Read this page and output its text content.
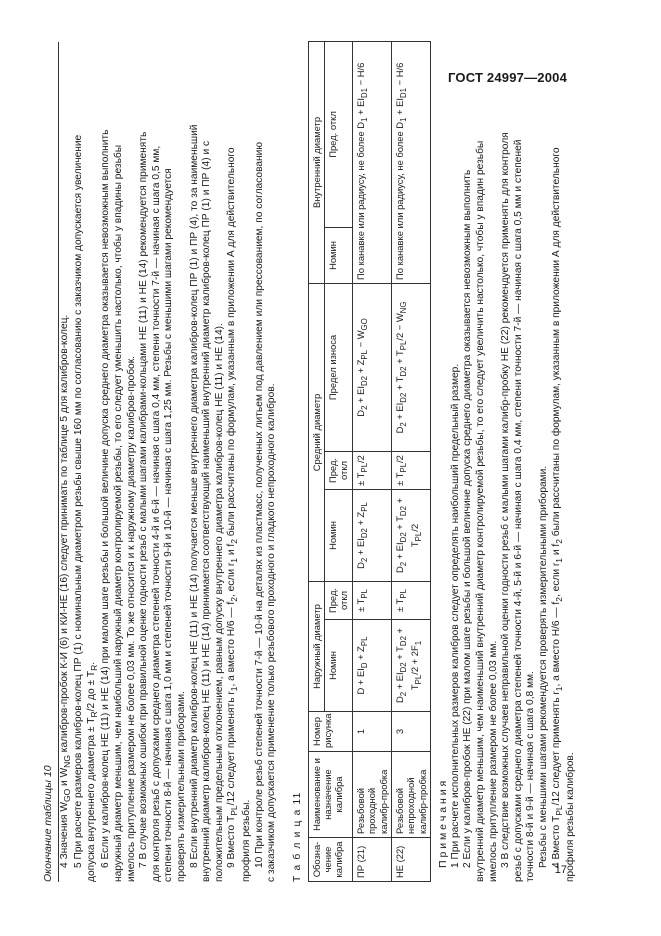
ГОСТ 24997—2004
Окончание таблицы 10 4 Значения $W_{GO}$ и $W_{NG}$ калибров-пробок К-И (6) и КИ-НЕ (16) следует принимать по таблице 5 для калибров-колец. 5 При расчете размеров калибров-колец ПР (1) с номинальным диаметром резьбы свыше 160 мм по согласованию с заказчиком допускается увеличение допуска внутреннего диаметра ± $T_R/2$ до ± $T_R$. 6 Если у калибров-колец НЕ (11) и НЕ (14) при малом шаге резьбы и большой величине допуска среднего диаметра оказывается невозможным выполнить наружный диаметр меньшим, чем наибольший наружный диаметр контролируемой резьбы, то его следует уменьшить настолько, чтобы у впадины резьбы имелось притупление размером не более 0,03 мм. То же относится и к наружному диаметру калибров-пробок. 7 В случае возможных ошибок при правильной оценке годности резьб с малыми шагами калибрами-кольцами НЕ (11) и НЕ (14) рекомендуется применять для контроля резьб с допусками среднего диаметра степеней точности 4-й и 6-й — начиная с шага 0,4 мм, степени точности 7-й — начиная с шага 0,5 мм, степени точности 8-й — начиная с шага 1,0 мм и степеней точности 9-й и 10-й — начиная с шага 1,25 мм. Резьбы с меньшими шагами рекомендуется проверять измерительными приборами. 8 Если внутренний диаметр калибров-колец НЕ (11) и НЕ (14) получается меньше внутреннего диаметра калибров-колец ПР (1) и ПР (4), то за наименьший внутренний диаметр калибров-колец НЕ (11) и НЕ (14) принимается соответствующий наименьший внутренний диаметр калибров-колец ПР (1) и ПР (4) и с положительным предельным отклонением, равным допуску внутреннего диаметра калибров-колец НЕ (11) и НЕ (14). 9 Вместо $T_{PL}/12$ следует применять $r_1$, а вместо H/6 — $f_2$, если $r_1$ и $f_2$ были рассчитаны по формулам, указанным в приложении А для действительного
профиля резьбы. 10 При контроле резьб степеней точности 7-й — 10-й на деталях из пластмасс, полученных литьем под давлением или прессованием, по согласованию с заказчиком допускается применение только резьбового проходного и гладкого непроходного калибров. Т а б л и ц а 11 Обозна-чение калибра	Наименование и назначение калибра	Номер рисунка	Наружный диаметр		Средний диаметр			Внутренний диаметр	
			Номин	Пред. откл	Номин	Пред. откл	Предел износа	Номин	Пред. откл
ПР (21)	Резьбовой проходной калибр-пробка	1	$D + EI_D + Z_{PL}$	± $T_{PL}$	$D_2 + EI_{D2} + Z_{PL}$	± $T_{PL}/2$	$D_2 + EI_{D2} + Z_{PL} - W_{GO}$	По канавке или радиусу, не более $D_1 + EI_{D1} - H/6$	
НЕ (22)	Резьбовой непроходной калибр-пробка	3	$D_2 + EI_{D2} + T_{D2} + T_{PL}/2 + 2F_1$	± $T_{PL}$	$D_2 + EI_{D2} + T_{D2} + T_{PL}/2$	± $T_{PL}/2$	$D_2 + EI_{D2} + T_{D2} + T_{PL}/2 - W_{NG}$	По канавке или радиусу, не более $D_1 + EI_{D1} - H/6$	
П р и м е ч а н и я 1 При расчете исполнительных размеров калибров следует определять наибольший предельный размер. 2 Если у калибров-пробок НЕ (22) при малом шаге резьбы и большой величине допуска среднего диаметра оказывается невозможным выполнить внутренний диаметр меньшим, чем наименьший внутренний диаметр контролируемой резьбы, то его следует увеличить настолько, чтобы у впадин резьбы имелось притупление размером не более 0,03 мм. 3 В следствие возможных случаев неправильной оценки годности резьб с малыми шагами калибр-пробку НЕ (22) рекомендуется применять для контроля резьб с допусками среднего диаметра степеней точности 4-й, 5-й и 6-й — начиная с шага 0,4 мм, степени точности 7-й — начиная с шага 0,5 мм и степеней точности 8-й и 9-й — начиная с шага 0,8 мм. Резьбы с меньшими шагами рекомендуется проверять измерительными приборами. 4 Вместо $T_{PL}/12$ следует применять $r_1$, а вместо H/6 — $f_2$, если $r_1$ и $f_2$ были рассчитаны по формулам, указанным в приложении А для действительного
профиля резьбы калибров.
17
